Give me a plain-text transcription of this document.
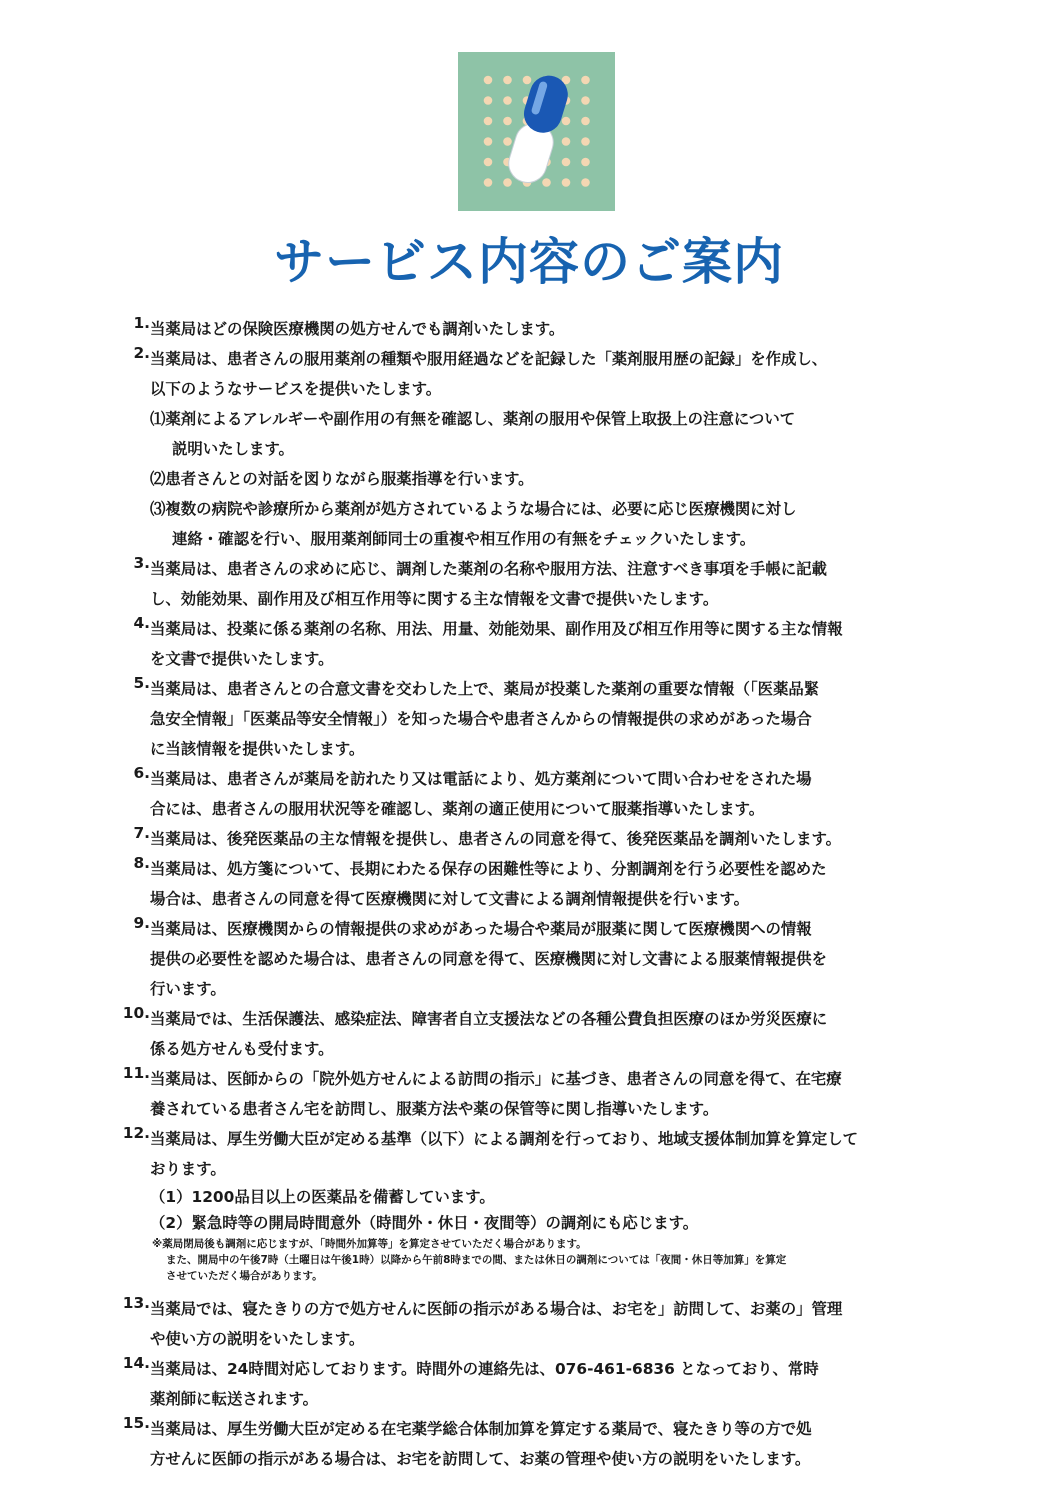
サービス内容のご案内
1. 当薬局はどの保険医療機関の処方せんでも調剤いたします。
2. 当薬局は、患者さんの服用薬剤の種類や服用経過などを記録した「薬剤服用歴の記録」を作成し、
以下のようなサービスを提供いたします。
⑴薬剤によるアレルギーや副作用の有無を確認し、薬剤の服用や保管上取扱上の注意について
説明いたします。
⑵患者さんとの対話を図りながら服薬指導を行います。
⑶複数の病院や診療所から薬剤が処方されているような場合には、必要に応じ医療機関に対し
連絡・確認を行い、服用薬剤師同士の重複や相互作用の有無をチェックいたします。
3. 当薬局は、患者さんの求めに応じ、調剤した薬剤の名称や服用方法、注意すべき事項を手帳に記載
し、効能効果、副作用及び相互作用等に関する主な情報を文書で提供いたします。
4. 当薬局は、投薬に係る薬剤の名称、用法、用量、効能効果、副作用及び相互作用等に関する主な情報
を文書で提供いたします。
5. 当薬局は、患者さんとの合意文書を交わした上で、薬局が投薬した薬剤の重要な情報（「医薬品緊
急安全情報」「医薬品等安全情報」）を知った場合や患者さんからの情報提供の求めがあった場合
に当該情報を提供いたします。
6. 当薬局は、患者さんが薬局を訪れたり又は電話により、処方薬剤について問い合わせをされた場
合には、患者さんの服用状況等を確認し、薬剤の適正使用について服薬指導いたします。
7. 当薬局は、後発医薬品の主な情報を提供し、患者さんの同意を得て、後発医薬品を調剤いたします。
8. 当薬局は、処方箋について、長期にわたる保存の困難性等により、分割調剤を行う必要性を認めた
場合は、患者さんの同意を得て医療機関に対して文書による調剤情報提供を行います。
9. 当薬局は、医療機関からの情報提供の求めがあった場合や薬局が服薬に関して医療機関への情報
提供の必要性を認めた場合は、患者さんの同意を得て、医療機関に対し文書による服薬情報提供を
行います。
10. 当薬局では、生活保護法、感染症法、障害者自立支援法などの各種公費負担医療のほか労災医療に
係る処方せんも受付ます。
11. 当薬局は、医師からの「院外処方せんによる訪問の指示」に基づき、患者さんの同意を得て、在宅療
養されている患者さん宅を訪問し、服薬方法や薬の保管等に関し指導いたします。
12. 当薬局は、厚生労働大臣が定める基準（以下）による調剤を行っており、地域支援体制加算を算定して
おります。
（1）1200品目以上の医薬品を備蓄しています。
（2）緊急時等の開局時間意外（時間外・休日・夜間等）の調剤にも応じます。
※薬局閉局後も調剤に応じますが、「時間外加算等」を算定させていただく場合があります。
また、開局中の午後7時（土曜日は午後1時）以降から午前8時までの間、または休日の調剤については「夜間・休日等加算」を算定
させていただく場合があります。
13. 当薬局では、寝たきりの方で処方せんに医師の指示がある場合は、お宅を」訪問して、お薬の」管理
や使い方の説明をいたします。
14. 当薬局は、24時間対応しております。時間外の連絡先は、076-461-6836 となっており、常時
薬剤師に転送されます。
15. 当薬局は、厚生労働大臣が定める在宅薬学総合体制加算を算定する薬局で、寝たきり等の方で処
方せんに医師の指示がある場合は、お宅を訪問して、お薬の管理や使い方の説明をいたします。
